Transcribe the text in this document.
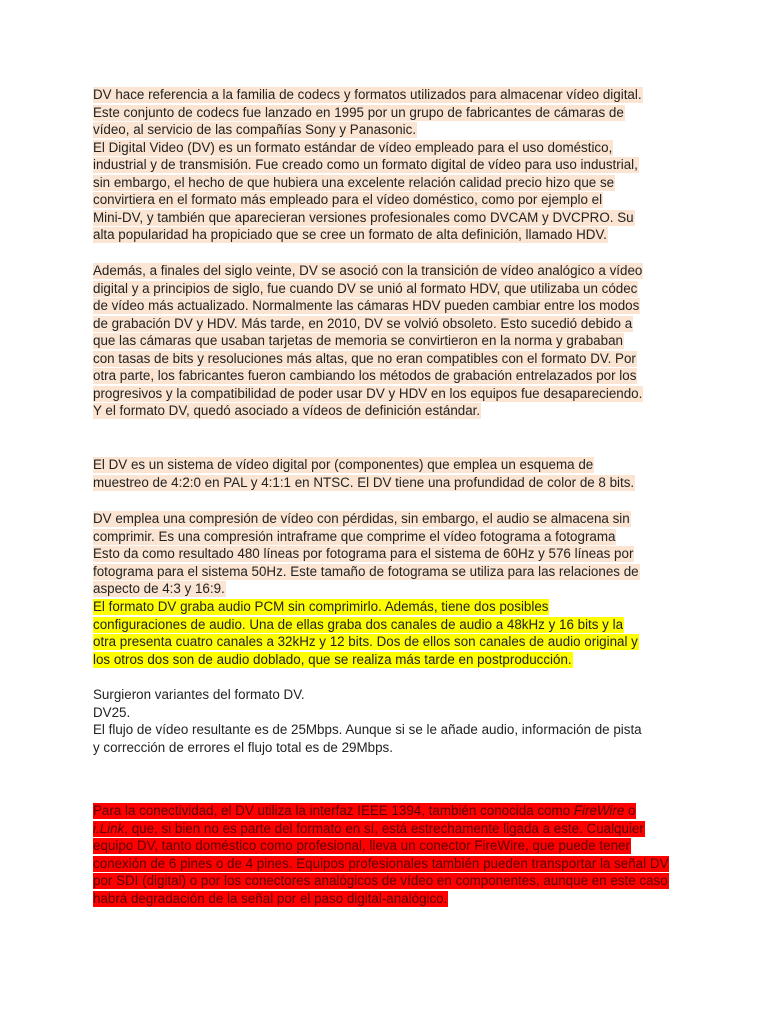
DV hace referencia a la familia de codecs y formatos utilizados para almacenar vídeo digital.
Este conjunto de codecs fue lanzado en 1995 por un grupo de fabricantes de cámaras de
vídeo, al servicio de las compañías Sony y Panasonic.
El Digital Video (DV) es un formato estándar de vídeo empleado para el uso doméstico,
industrial y de transmisión. Fue creado como un formato digital de vídeo para uso industrial,
sin embargo, el hecho de que hubiera una excelente relación calidad precio hizo que se
convirtiera en el formato más empleado para el vídeo doméstico, como por ejemplo el
Mini-DV, y también que aparecieran versiones profesionales como DVCAM y DVCPRO. Su
alta popularidad ha propiciado que se cree un formato de alta definición, llamado HDV.
Además, a finales del siglo veinte, DV se asoció con la transición de vídeo analógico a vídeo
digital y a principios de siglo, fue cuando DV se unió al formato HDV, que utilizaba un códec
de vídeo más actualizado. Normalmente las cámaras HDV pueden cambiar entre los modos
de grabación DV y HDV. Más tarde, en 2010, DV se volvió obsoleto. Esto sucedió debido a
que las cámaras que usaban tarjetas de memoria se convirtieron en la norma y grababan
con tasas de bits y resoluciones más altas, que no eran compatibles con el formato DV. Por
otra parte, los fabricantes fueron cambiando los métodos de grabación entrelazados por los
progresivos y la compatibilidad de poder usar DV y HDV en los equipos fue desapareciendo.
Y el formato DV, quedó asociado a vídeos de definición estándar.
El DV es un sistema de vídeo digital por (componentes) que emplea un esquema de
muestreo de 4:2:0 en PAL y 4:1:1 en NTSC. El DV tiene una profundidad de color de 8 bits.
DV emplea una compresión de vídeo con pérdidas, sin embargo, el audio se almacena sin
comprimir. Es una compresión intraframe que comprime el vídeo fotograma a fotograma
Esto da como resultado 480 líneas por fotograma para el sistema de 60Hz y 576 líneas por
fotograma para el sistema 50Hz. Este tamaño de fotograma se utiliza para las relaciones de
aspecto de 4:3 y 16:9.
El formato DV graba audio PCM sin comprimirlo. Además, tiene dos posibles
configuraciones de audio. Una de ellas graba dos canales de audio a 48kHz y 16 bits y la
otra presenta cuatro canales a 32kHz y 12 bits. Dos de ellos son canales de audio original y
los otros dos son de audio doblado, que se realiza más tarde en postproducción.
Surgieron variantes del formato DV.
DV25.
El flujo de vídeo resultante es de 25Mbps. Aunque si se le añade audio, información de pista
y corrección de errores el flujo total es de 29Mbps.
Para la conectividad, el DV utiliza la interfaz IEEE 1394, también conocida como FireWire o
i.Link, que, si bien no es parte del formato en sí, está estrechamente ligada a este. Cualquier
equipo DV, tanto doméstico como profesional, lleva un conector FireWire, que puede tener
conexión de 6 pines o de 4 pines. Equipos profesionales también pueden transportar la señal DV
por SDI (digital) o por los conectores analógicos de vídeo en componentes, aunque en este caso
habrá degradación de la señal por el paso digital-analógico.
